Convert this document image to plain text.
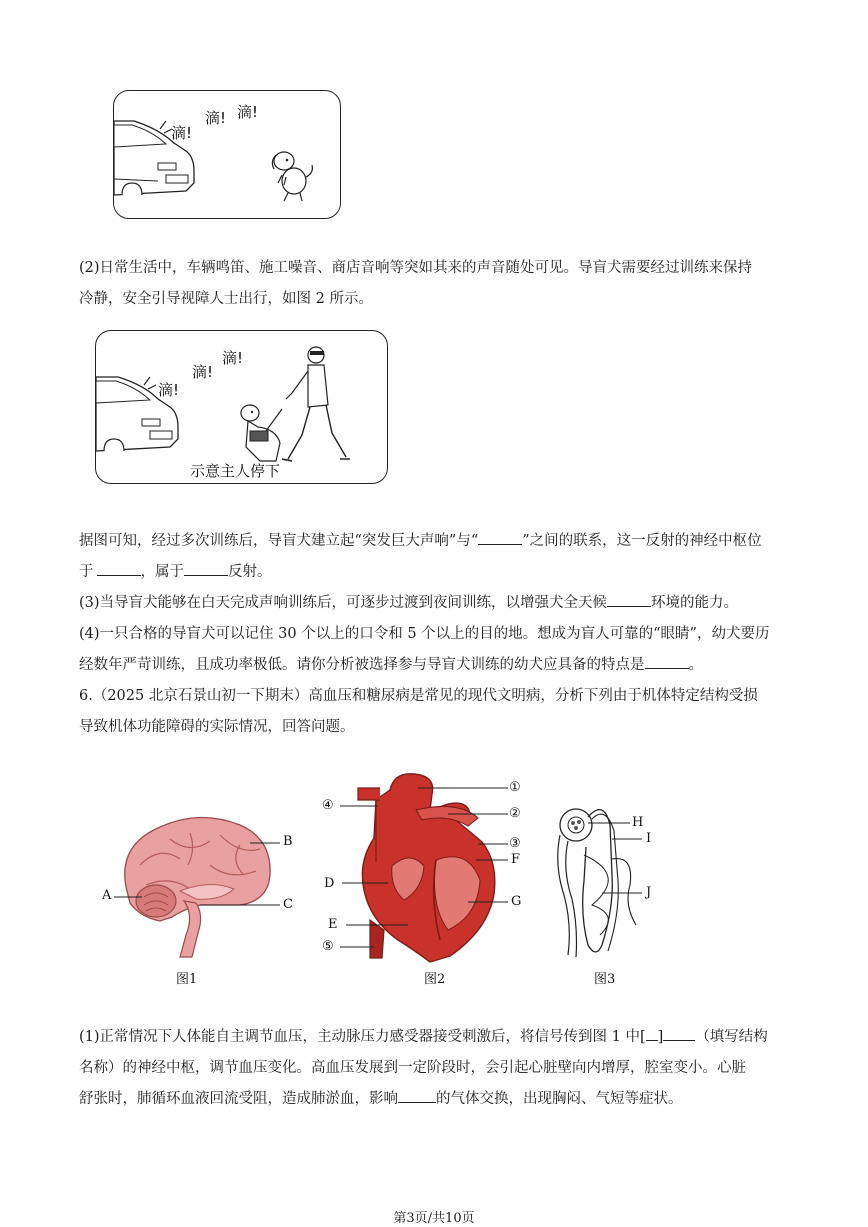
滴!
滴! 滴!
(2)日常生活中，车辆鸣笛、施工噪音、商店音响等突如其来的声音随处可见。导盲犬需要经过训练来保持
冷静，安全引导视障人士出行，如图 2 所示。
滴!
滴!
滴!
示意主人停下
据图可知，经过多次训练后，导盲犬建立起“突发巨大声响”与“	”之间的联系，这一反射的神经中枢位
于	，属于	反射。
(3)当导盲犬能够在白天完成声响训练后，可逐步过渡到夜间训练，以增强犬全天候	环境的能力。
(4)一只合格的导盲犬可以记住 30 个以上的口令和 5 个以上的目的地。想成为盲人可靠的“眼睛”，幼犬要历
经数年严苛训练，且成功率极低。请你分析被选择参与导盲犬训练的幼犬应具备的特点是	。
6.（2025 北京石景山初一下期末）高血压和糖尿病是常见的现代文明病，分析下列由于机体特定结构受损
导致机体功能障碍的实际情况，回答问题。
A
B
C
图1
①
②
③
④
⑤
D
E
F
G
图2
H
I
J
图3
(1)正常情况下人体能自主调节血压，主动脉压力感受器接受刺激后，将信号传到图 1 中[ ] （填写结构
名称）的神经中枢，调节血压变化。高血压发展到一定阶段时，会引起心脏壁向内增厚，腔室变小。心脏
舒张时，肺循环血液回流受阻，造成肺淤血，影响	的气体交换，出现胸闷、气短等症状。
第3页/共10页
